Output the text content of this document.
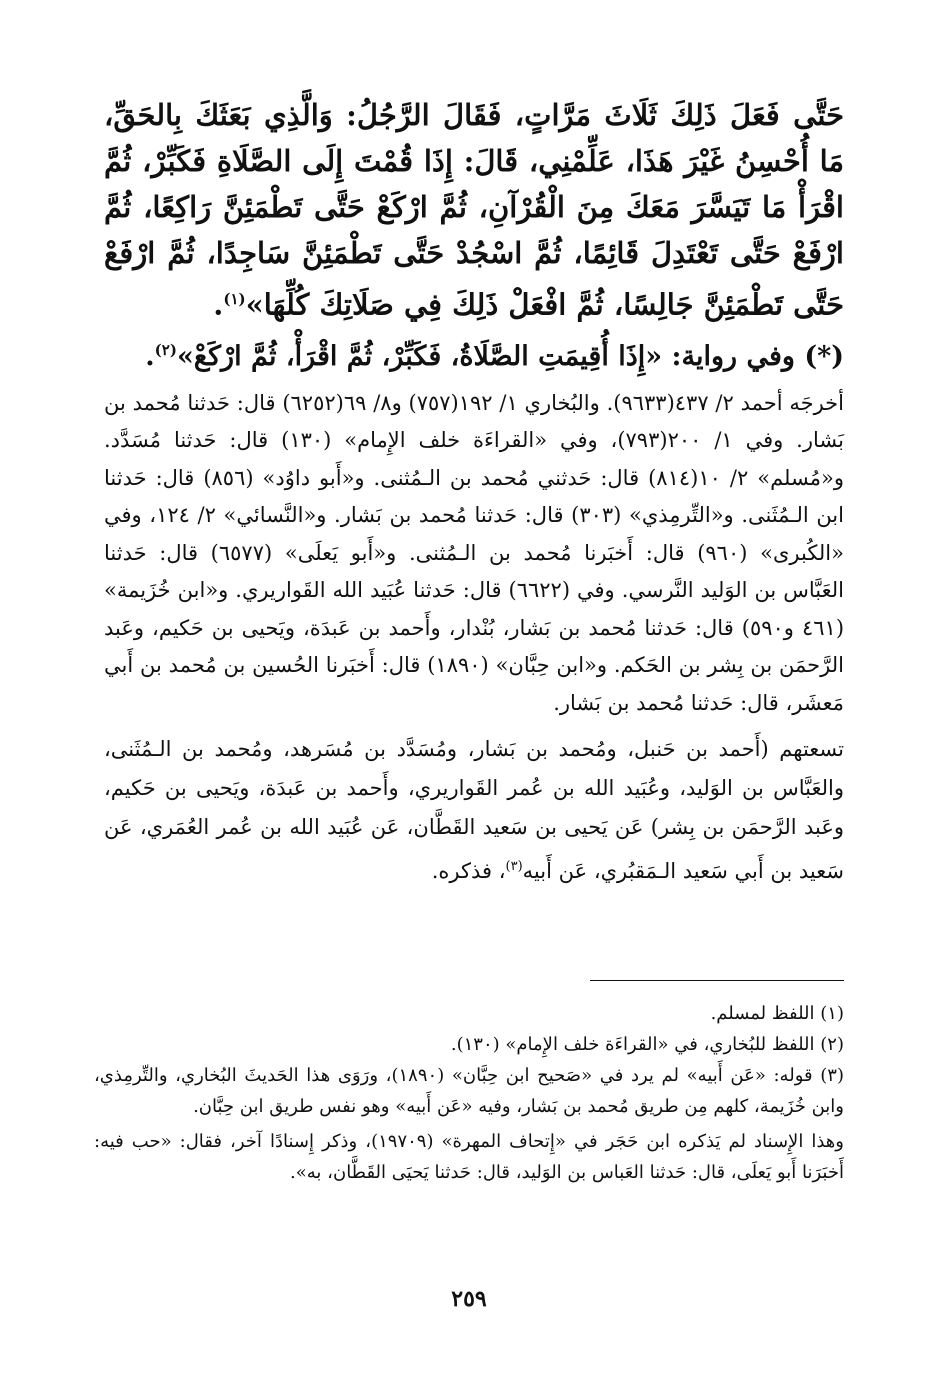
حَتَّى فَعَلَ ذَلِكَ ثَلَاثَ مَرَّاتٍ، فَقَالَ الرَّجُلُ: وَالَّذِي بَعَثَكَ بِالحَقِّ، مَا أُحْسِنُ غَيْرَ هَذَا، عَلِّمْنِي، قَالَ: إِذَا قُمْتَ إِلَى الصَّلَاةِ فَكَبِّرْ، ثُمَّ اقْرَأْ مَا تَيَسَّرَ مَعَكَ مِنَ الْقُرْآنِ، ثُمَّ ارْكَعْ حَتَّى تَطْمَئِنَّ رَاكِعًا، ثُمَّ ارْفَعْ حَتَّى تَعْتَدِلَ قَائِمًا، ثُمَّ اسْجُدْ حَتَّى تَطْمَئِنَّ سَاجِدًا، ثُمَّ ارْفَعْ حَتَّى تَطْمَئِنَّ جَالِسًا، ثُمَّ افْعَلْ ذَلِكَ فِي صَلَاتِكَ كُلِّهَا»$^{(١)}$.

(*) وفي رواية: «إِذَا أُقِيمَتِ الصَّلَاةُ، فَكَبِّرْ، ثُمَّ اقْرَأْ، ثُمَّ ارْكَعْ»$^{(٢)}$.

أخرجَه أحمد ٢/ ٤٣٧(٩٦٣٣). والبُخاري ١/ ١٩٢(٧٥٧) و٨/ ٦٩(٦٢٥٢) قال: حَدثنا مُحمد بن بَشار. وفي ١/ ٢٠٠(٧٩٣)، وفي «القراءَة خلف الإِمام» (١٣٠) قال: حَدثنا مُسَدَّد. و«مُسلم» ٢/ ١٠(٨١٤) قال: حَدثني مُحمد بن الـمُثنى. و«أَبو داوُد» (٨٥٦) قال: حَدثنا ابن الـمُثَنى. و«التِّرمِذي» (٣٠٣) قال: حَدثنا مُحمد بن بَشار. و«النَّسائي» ٢/ ١٢٤، وفي «الكُبرى» (٩٦٠) قال: أَخبَرنا مُحمد بن الـمُثنى. و«أَبو يَعلَى» (٦٥٧٧) قال: حَدثنا العَبَّاس بن الوَليد النَّرسي. وفي (٦٦٢٢) قال: حَدثنا عُبَيد الله القَواريري. و«ابن خُزَيمة» (٤٦١ و٥٩٠) قال: حَدثنا مُحمد بن بَشار، بُنْدار، وأَحمد بن عَبدَة، ويَحيى بن حَكيم، وعَبد الرَّحمَن بن بِشر بن الحَكم. و«ابن حِبَّان» (١٨٩٠) قال: أَخبَرنا الحُسين بن مُحمد بن أَبي مَعشَر، قال: حَدثنا مُحمد بن بَشار.

تسعتهم (أَحمد بن حَنبل، ومُحمد بن بَشار، ومُسَدَّد بن مُسَرهد، ومُحمد بن الـمُثَنى، والعَبَّاس بن الوَليد، وعُبَيد الله بن عُمر القَواريري، وأَحمد بن عَبدَة، ويَحيى بن حَكيم، وعَبد الرَّحمَن بن بِشر) عَن يَحيى بن سَعيد القَطَّان، عَن عُبَيد الله بن عُمر العُمَري، عَن سَعيد بن أَبي سَعيد الـمَقبُري، عَن أَبيه$^{(٣)}$، فذكره.

(١) اللفظ لمسلم.

(٢) اللفظ للبُخاري، في «القراءَة خلف الإِمام» (١٣٠).

(٣) قوله: «عَن أَبيه» لم يرد في «صَحيح ابن حِبَّان» (١٨٩٠)، ورَوَى هذا الحَديثَ البُخاري، والتِّرمِذي، وابن خُزَيمة، كلهم مِن طريق مُحمد بن بَشار، وفيه «عَن أَبيه» وهو نفس طريق ابن حِبَّان.

وهذا الإِسناد لم يَذكره ابن حَجَر في «إِتحاف المهرة» (١٩٧٠٩)، وذكر إِسنادًا آخر، فقال: «حب فيه: أَخبَرَنا أَبو يَعلَى، قال: حَدثنا العَباس بن الوَليد، قال: حَدثنا يَحيَى القَطَّان، به».

٢٥٩
